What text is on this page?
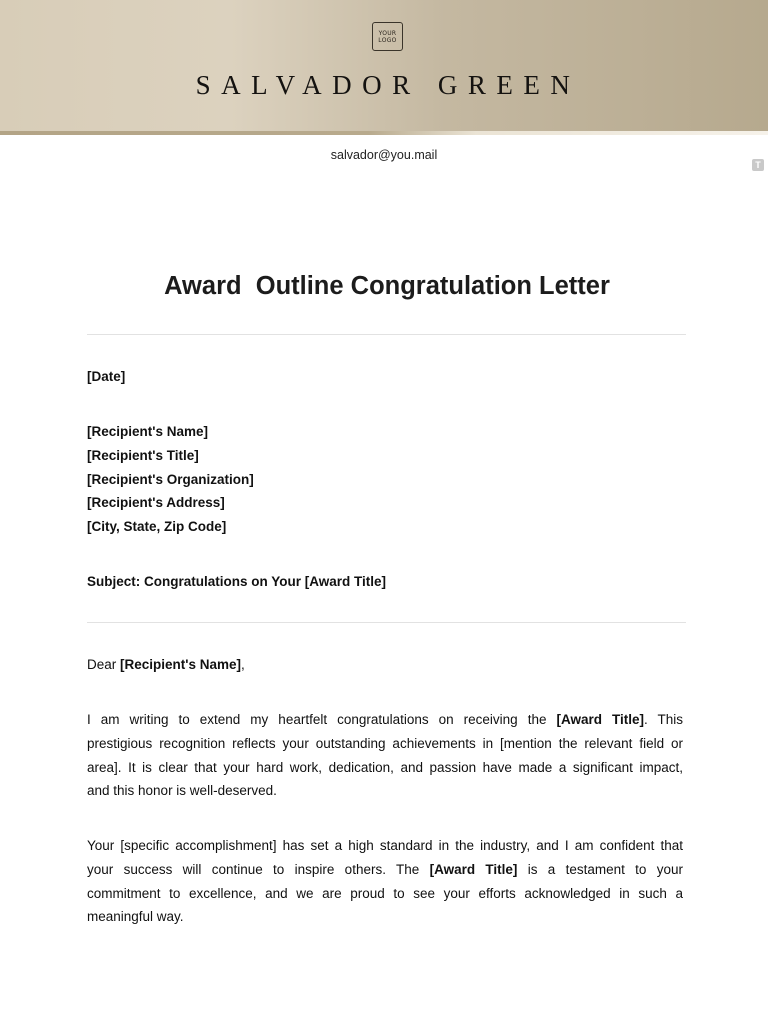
YOUR
LOGO
SALVADOR GREEN
salvador@you.mail
T
Award  Outline Congratulation Letter
[Date]
[Recipient's Name]
[Recipient's Title]
[Recipient's Organization]
[Recipient's Address]
[City, State, Zip Code]
Subject: Congratulations on Your [Award Title]
Dear [Recipient's Name],
I am writing to extend my heartfelt congratulations on receiving the [Award Title]. This
prestigious recognition reflects your outstanding achievements in [mention the relevant field or
area]. It is clear that your hard work, dedication, and passion have made a significant impact,
and this honor is well-deserved.
Your [specific accomplishment] has set a high standard in the industry, and I am confident that
your success will continue to inspire others. The [Award Title] is a testament to your
commitment to excellence, and we are proud to see your efforts acknowledged in such a
meaningful way.
